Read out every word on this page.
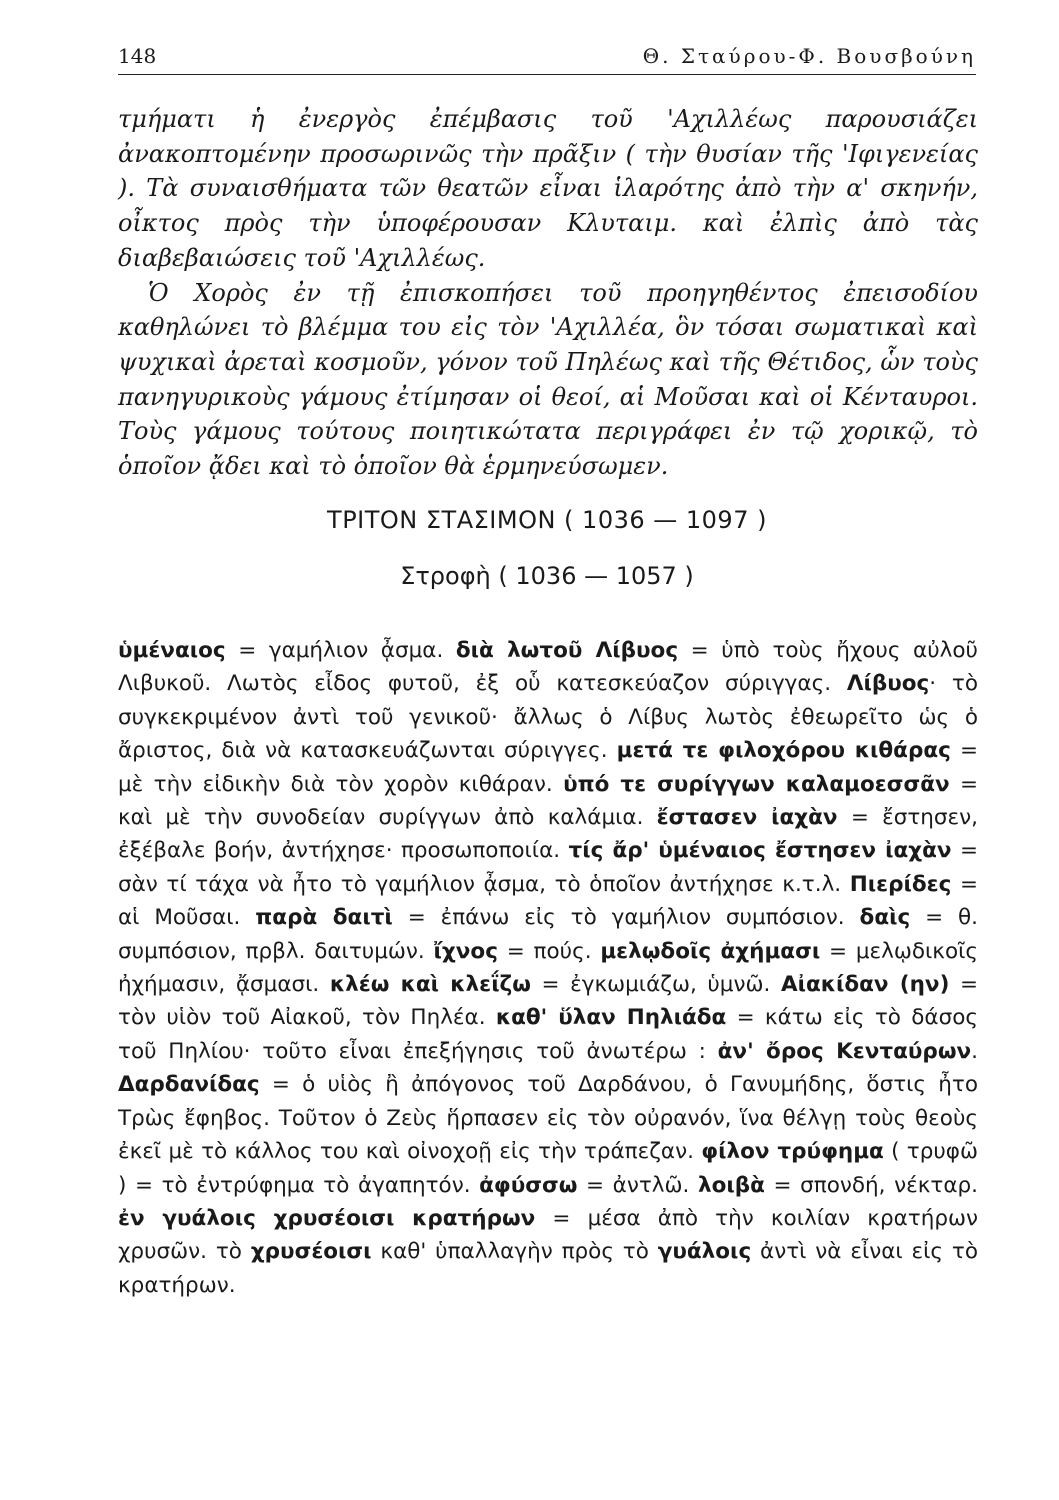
148	Θ. Σταύρου-Φ. Βουσβούνη

τμήματι ἡ ἐνεργὸς ἐπέμβασις τοῦ 'Αχιλλέως παρουσιάζει ἀνακοπτομένην προσωρινῶς τὴν πρᾶξιν ( τὴν θυσίαν τῆς 'Ιφιγενείας ). Τὰ συναισθήματα τῶν θεατῶν εἶναι ἱλαρότης ἀπὸ τὴν α' σκηνήν, οἶκτος πρὸς τὴν ὑποφέρουσαν Κλυταιμ. καὶ ἐλπὶς ἀπὸ τὰς διαβεβαιώσεις τοῦ 'Αχιλλέως.

Ὁ Χορὸς ἐν τῇ ἐπισκοπήσει τοῦ προηγηθέντος ἐπεισοδίου καθηλώνει τὸ βλέμμα του εἰς τὸν 'Αχιλλέα, ὃν τόσαι σωματικαὶ καὶ ψυχικαὶ ἀρεταὶ κοσμοῦν, γόνον τοῦ Πηλέως καὶ τῆς Θέτιδος, ὧν τοὺς πανηγυρικοὺς γάμους ἐτίμησαν οἱ θεοί, αἱ Μοῦσαι καὶ οἱ Κένταυροι. Τοὺς γάμους τούτους ποιητικώτατα περιγράφει ἐν τῷ χορικῷ, τὸ ὁποῖον ᾄδει καὶ τὸ ὁποῖον θὰ ἑρμηνεύσωμεν.

ΤΡΙΤΟΝ ΣΤΑΣΙΜΟΝ ( 1036 — 1097 )
Στροφὴ ( 1036 — 1057 )

ὑμέναιος = γαμήλιον ᾆσμα. διὰ λωτοῦ Λίβυος = ὑπὸ τοὺς ἤχους αὐλοῦ Λιβυκοῦ. Λωτὸς εἶδος φυτοῦ, ἐξ οὗ κατεσκεύαζον σύριγγας. Λίβυος· τὸ συγκεκριμένον ἀντὶ τοῦ γενικοῦ· ἄλλως ὁ Λίβυς λωτὸς ἐθεωρεῖτο ὡς ὁ ἄριστος, διὰ νὰ κατασκευάζωνται σύριγγες. μετά τε φιλοχόρου κιθάρας = μὲ τὴν εἰδικὴν διὰ τὸν χορὸν κιθάραν. ὑπό τε συρίγγων καλαμοεσσᾶν = καὶ μὲ τὴν συνοδείαν συρίγγων ἀπὸ καλάμια. ἔστασεν ἰαχὰν = ἔστησεν, ἐξέβαλε βοήν, ἀντήχησε· προσωποποιία. τίς ἄρ' ὑμέναιος ἔστησεν ἰαχὰν = σὰν τί τάχα νὰ ἦτο τὸ γαμήλιον ᾆσμα, τὸ ὁποῖον ἀντήχησε κ.τ.λ. Πιερίδες = αἱ Μοῦσαι. παρὰ δαιτὶ = ἐπάνω εἰς τὸ γαμήλιον συμπόσιον. δαὶς = θ. συμπόσιον, πρβλ. δαιτυμών. ἴχνος = πούς. μελῳδοῖς ἀχήμασι = μελῳδικοῖς ἠχήμασιν, ᾄσμασι. κλέω καὶ κλεΐζω = ἐγκωμιάζω, ὑμνῶ. Αἰακίδαν (ην) = τὸν υἱὸν τοῦ Αἰακοῦ, τὸν Πηλέα. καθ' ὕλαν Πηλιάδα = κάτω εἰς τὸ δάσος τοῦ Πηλίου· τοῦτο εἶναι ἐπεξήγησις τοῦ ἀνωτέρω : ἀν' ὄρος Κενταύρων. Δαρδανίδας = ὁ υἱὸς ἢ ἀπόγονος τοῦ Δαρδάνου, ὁ Γανυμήδης, ὅστις ἦτο Τρὼς ἔφηβος. Τοῦτον ὁ Ζεὺς ἥρπασεν εἰς τὸν οὐρανόν, ἵνα θέλγῃ τοὺς θεοὺς ἐκεῖ μὲ τὸ κάλλος του καὶ οἰνοχοῇ εἰς τὴν τράπεζαν. φίλον τρύφημα ( τρυφῶ ) = τὸ ἐντρύφημα τὸ ἀγαπητόν. ἀφύσσω = ἀντλῶ. λοιβὰ = σπονδή, νέκταρ. ἐν γυάλοις χρυσέοισι κρατήρων = μέσα ἀπὸ τὴν κοιλίαν κρατήρων χρυσῶν. τὸ χρυσέοισι καθ' ὑπαλλαγὴν πρὸς τὸ γυάλοις ἀντὶ νὰ εἶναι εἰς τὸ κρατήρων.
